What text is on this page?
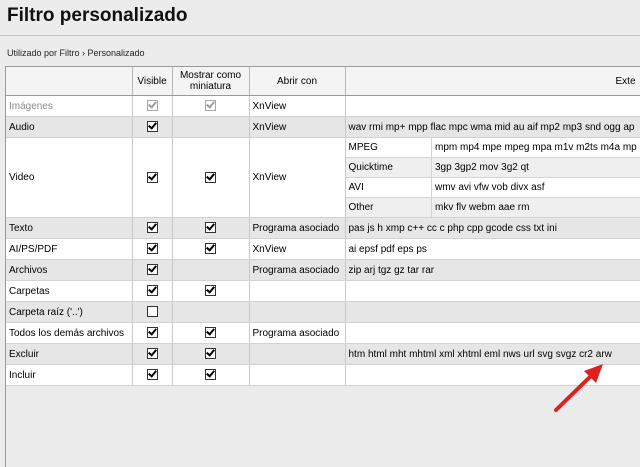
Filtro personalizado
Utilizado por Filtro › Personalizado
	Visible	Mostrar como miniatura	Abrir con	Exte
Imágenes			XnView	
Audio			XnView	wav rmi mp+ mpp flac mpc wma mid au aif mp2 mp3 snd ogg ap
Video			XnView	
MPEG	mpm mp4 mpe mpeg mpa m1v m2ts m4a mp
Quicktime	3gp 3gp2 mov 3g2 qt
AVI	wmv avi vfw vob divx asf
Other	mkv flv webm aae rm

Texto			Programa asociado	pas js h xmp c++ cc c php cpp gcode css txt ini
AI/PS/PDF			XnView	ai epsf pdf eps ps
Archivos			Programa asociado	zip arj tgz gz tar rar
Carpetas				
Carpeta raíz ('..')				
Todos los demás archivos			Programa asociado	
Excluir				htm html mht mhtml xml xhtml eml nws url svg svgz cr2 arw
Incluir				
